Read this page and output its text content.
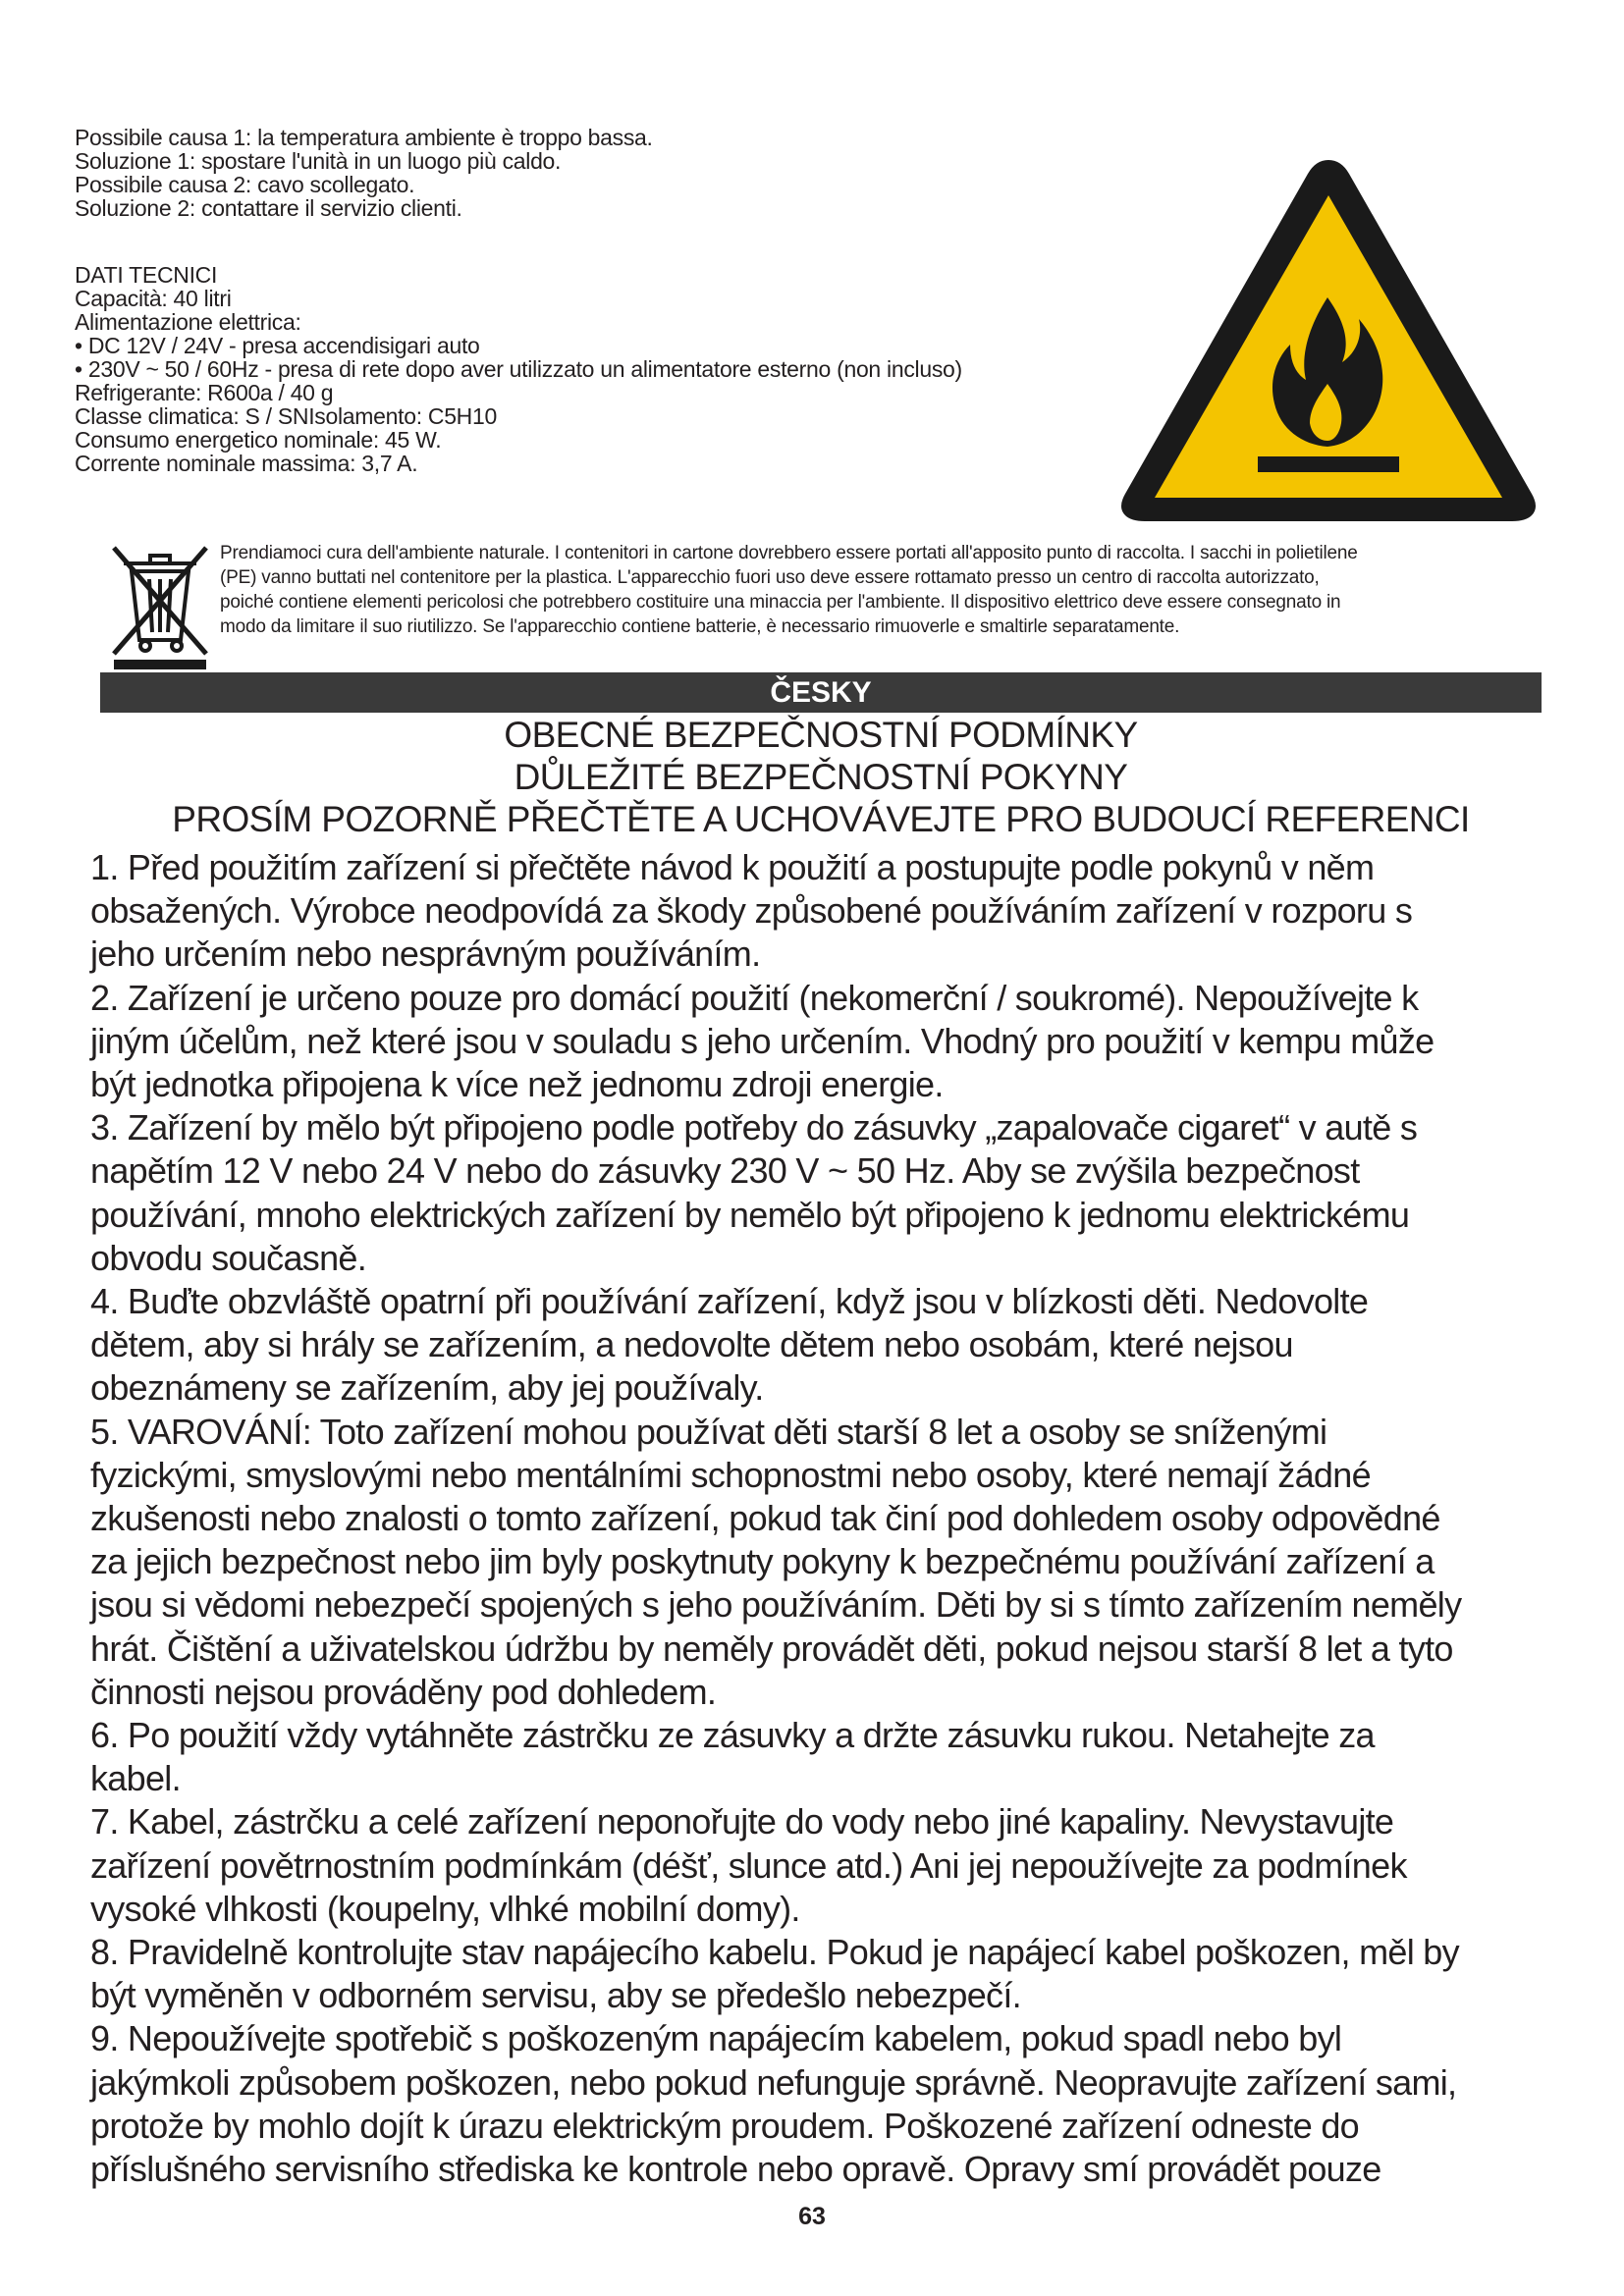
Possibile causa 1: la temperatura ambiente è troppo bassa.
Soluzione 1: spostare l'unità in un luogo più caldo.
Possibile causa 2: cavo scollegato.
Soluzione 2: contattare il servizio clienti.
DATI TECNICI
Capacità: 40 litri
Alimentazione elettrica:
• DC 12V / 24V - presa accendisigari auto
• 230V ~ 50 / 60Hz - presa di rete dopo aver utilizzato un alimentatore esterno (non incluso)
Refrigerante: R600a / 40 g
Classe climatica: S / SNIsolamento: C5H10
Consumo energetico nominale: 45 W.
Corrente nominale massima: 3,7 A.
Prendiamoci cura dell'ambiente naturale. I contenitori in cartone dovrebbero essere portati all'apposito punto di raccolta. I sacchi in polietilene
(PE) vanno buttati nel contenitore per la plastica. L'apparecchio fuori uso deve essere rottamato presso un centro di raccolta autorizzato,
poiché contiene elementi pericolosi che potrebbero costituire una minaccia per l'ambiente. Il dispositivo elettrico deve essere consegnato in
modo da limitare il suo riutilizzo. Se l'apparecchio contiene batterie, è necessario rimuoverle e smaltirle separatamente.
ČESKY
OBECNÉ BEZPEČNOSTNÍ PODMÍNKY
DŮLEŽITÉ BEZPEČNOSTNÍ POKYNY
PROSÍM POZORNĚ PŘEČTĚTE A UCHOVÁVEJTE PRO BUDOUCÍ REFERENCI
1. Před použitím zařízení si přečtěte návod k použití a postupujte podle pokynů v něm
obsažených. Výrobce neodpovídá za škody způsobené používáním zařízení v rozporu s
jeho určením nebo nesprávným používáním.
2. Zařízení je určeno pouze pro domácí použití (nekomerční / soukromé). Nepoužívejte k
jiným účelům, než které jsou v souladu s jeho určením. Vhodný pro použití v kempu může
být jednotka připojena k více než jednomu zdroji energie.
3. Zařízení by mělo být připojeno podle potřeby do zásuvky „zapalovače cigaret“ v autě s
napětím 12 V nebo 24 V nebo do zásuvky 230 V ~ 50 Hz. Aby se zvýšila bezpečnost
používání, mnoho elektrických zařízení by nemělo být připojeno k jednomu elektrickému
obvodu současně.
4. Buďte obzvláště opatrní při používání zařízení, když jsou v blízkosti děti. Nedovolte
dětem, aby si hrály se zařízením, a nedovolte dětem nebo osobám, které nejsou
obeznámeny se zařízením, aby jej používaly.
5. VAROVÁNÍ: Toto zařízení mohou používat děti starší 8 let a osoby se sníženými
fyzickými, smyslovými nebo mentálními schopnostmi nebo osoby, které nemají žádné
zkušenosti nebo znalosti o tomto zařízení, pokud tak činí pod dohledem osoby odpovědné
za jejich bezpečnost nebo jim byly poskytnuty pokyny k bezpečnému používání zařízení a
jsou si vědomi nebezpečí spojených s jeho používáním. Děti by si s tímto zařízením neměly
hrát. Čištění a uživatelskou údržbu by neměly provádět děti, pokud nejsou starší 8 let a tyto
činnosti nejsou prováděny pod dohledem.
6. Po použití vždy vytáhněte zástrčku ze zásuvky a držte zásuvku rukou. Netahejte za
kabel.
7. Kabel, zástrčku a celé zařízení neponořujte do vody nebo jiné kapaliny. Nevystavujte
zařízení povětrnostním podmínkám (déšť, slunce atd.) Ani jej nepoužívejte za podmínek
vysoké vlhkosti (koupelny, vlhké mobilní domy).
8. Pravidelně kontrolujte stav napájecího kabelu. Pokud je napájecí kabel poškozen, měl by
být vyměněn v odborném servisu, aby se předešlo nebezpečí.
9. Nepoužívejte spotřebič s poškozeným napájecím kabelem, pokud spadl nebo byl
jakýmkoli způsobem poškozen, nebo pokud nefunguje správně. Neopravujte zařízení sami,
protože by mohlo dojít k úrazu elektrickým proudem. Poškozené zařízení odneste do
příslušného servisního střediska ke kontrole nebo opravě. Opravy smí provádět pouze
63
